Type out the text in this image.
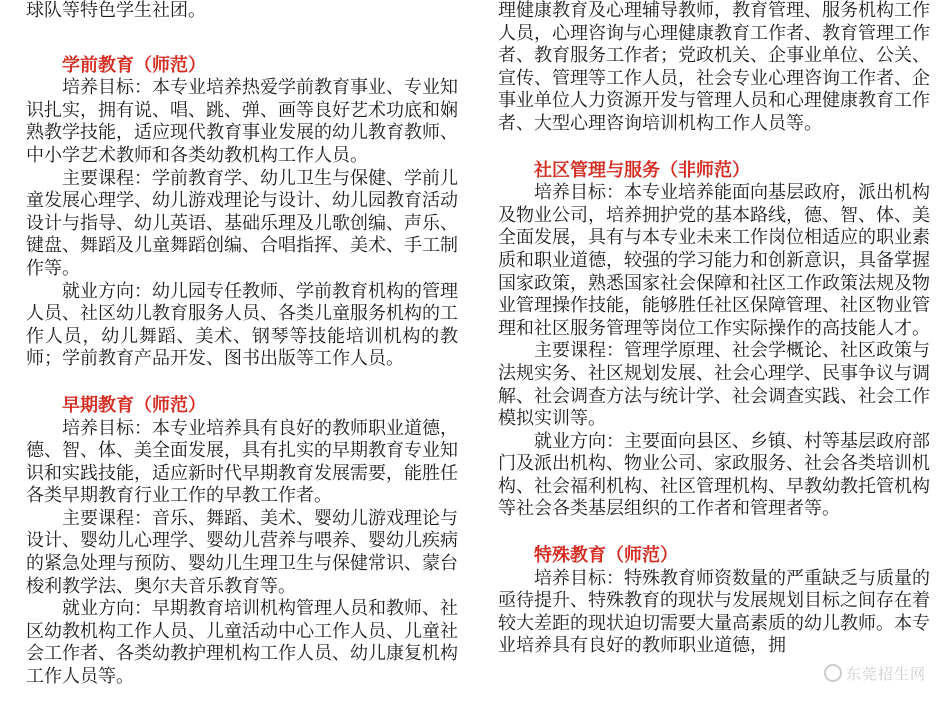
球队等特色学生社团。

学前教育（师范）

培养目标：本专业培养热爱学前教育事业、专业知识扎实，拥有说、唱、跳、弹、画等良好艺术功底和娴熟教学技能，适应现代教育事业发展的幼儿教育教师、中小学艺术教师和各类幼教机构工作人员。

主要课程：学前教育学、幼儿卫生与保健、学前儿童发展心理学、幼儿游戏理论与设计、幼儿园教育活动设计与指导、幼儿英语、基础乐理及儿歌创编、声乐、键盘、舞蹈及儿童舞蹈创编、合唱指挥、美术、手工制作等。

就业方向：幼儿园专任教师、学前教育机构的管理人员、社区幼儿教育服务人员、各类儿童服务机构的工作人员，幼儿舞蹈、美术、钢琴等技能培训机构的教师；学前教育产品开发、图书出版等工作人员。

早期教育（师范）

培养目标：本专业培养具有良好的教师职业道德，德、智、体、美全面发展，具有扎实的早期教育专业知识和实践技能，适应新时代早期教育发展需要，能胜任各类早期教育行业工作的早教工作者。

主要课程：音乐、舞蹈、美术、婴幼儿游戏理论与设计、婴幼儿心理学、婴幼儿营养与喂养、婴幼儿疾病的紧急处理与预防、婴幼儿生理卫生与保健常识、蒙台梭利教学法、奥尔夫音乐教育等。

就业方向：早期教育培训机构管理人员和教师、社区幼教机构工作人员、儿童活动中心工作人员、儿童社会工作者、各类幼教护理机构工作人员、幼儿康复机构工作人员等。

理健康教育及心理辅导教师，教育管理、服务机构工作人员，心理咨询与心理健康教育工作者、教育管理工作者、教育服务工作者；党政机关、企事业单位、公关、宣传、管理等工作人员，社会专业心理咨询工作者、企事业单位人力资源开发与管理人员和心理健康教育工作者、大型心理咨询培训机构工作人员等。

社区管理与服务（非师范）

培养目标：本专业培养能面向基层政府，派出机构及物业公司，培养拥护党的基本路线，德、智、体、美全面发展，具有与本专业未来工作岗位相适应的职业素质和职业道德，较强的学习能力和创新意识，具备掌握国家政策，熟悉国家社会保障和社区工作政策法规及物业管理操作技能，能够胜任社区保障管理、社区物业管理和社区服务管理等岗位工作实际操作的高技能人才。

主要课程：管理学原理、社会学概论、社区政策与法规实务、社区规划发展、社会心理学、民事争议与调解、社会调查方法与统计学、社会调查实践、社会工作模拟实训等。

就业方向：主要面向县区、乡镇、村等基层政府部门及派出机构、物业公司、家政服务、社会各类培训机构、社会福利机构、社区管理机构、早教幼教托管机构等社会各类基层组织的工作者和管理者等。

特殊教育（师范）

培养目标：特殊教育师资数量的严重缺乏与质量的亟待提升、特殊教育的现状与发展规划目标之间存在着较大差距的现状迫切需要大量高素质的幼儿教师。本专业培养具有良好的教师职业道德，拥

东莞招生网
